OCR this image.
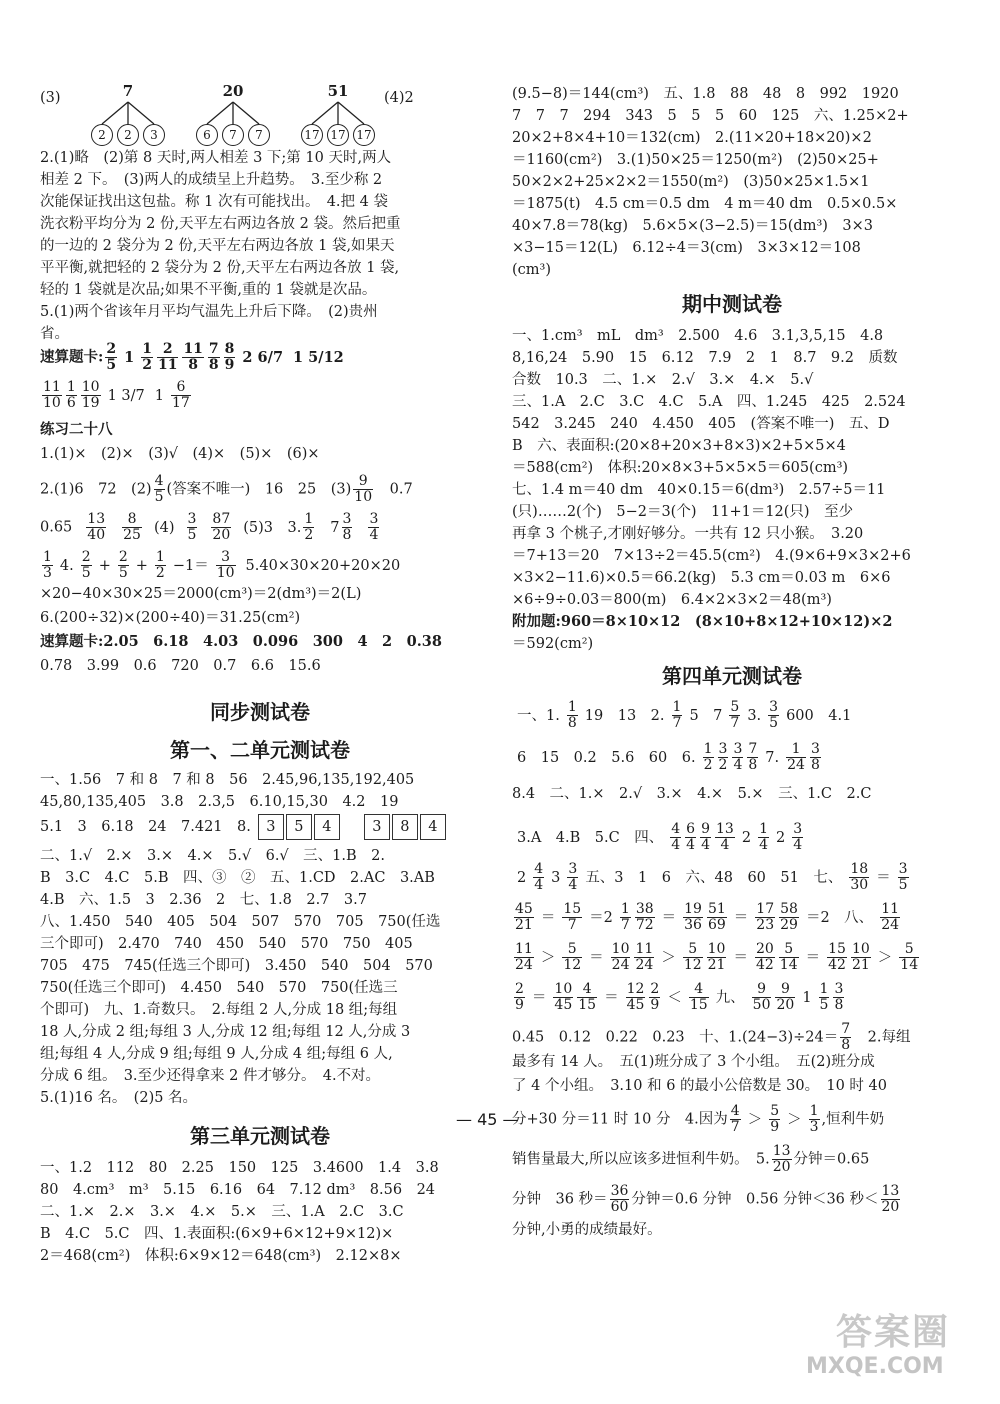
(3)	(4)2
7
2	2	3
20
6	7	7
51
17 17 17
2.(1)略　(2)第 8 天时,两人相差 3 下;第 10 天时,两人
相差 2 下。　(3)两人的成绩呈上升趋势。　3.至少称 2
次能保证找出这包盐。称 1 次有可能找出。　4.把 4 袋
洗衣粉平均分为 2 份,天平左右两边各放 2 袋。然后把重
的一边的 2 袋分为 2 份,天平左右两边各放 1 袋,如果天
平平衡,就把轻的 2 袋分为 2 份,天平左右两边各放 1 袋,
轻的 1 袋就是次品;如果不平衡,重的 1 袋就是次品。
5.(1)两个省该年月平均气温先上升后下降。　(2)贵州
省。
速算题卡: $\frac{2}{5} 1 \frac{1}{2} \frac{2}{11} \frac{11}{8} \frac{7}{8} \frac{8}{9} 2$ 6/7 1 5/12
$\frac{11}{10} \frac{1}{6} \frac{10}{19} 1$ 3/7 $1 \frac{6}{17}$
练习二十八
1.(1)×　(2)×　(3)√　(4)×　(5)×　(6)×
2.(1)6　72　$(2) \frac{4}{5}$ (答案不唯一)　16　25　$(3) \frac{9}{10}$ 　0.7
$0.65 \frac{13}{40} \frac{8}{25} (4) \frac{3}{5} \frac{87}{20} (5)3$　3. $\frac{1}{2} 7 \frac{3}{8} \frac{3}{4}$
$\frac{1}{3} 4$. $\frac{2}{5} + \frac{2}{5} + \frac{1}{2} -1= \frac{3}{10} 5.40\times 30\times 20+20\times 20$
×20−40×30×25＝2000(cm³)＝2(dm³)＝2(L)
6.(200÷32)×(200÷40)＝31.25(cm²)
速算题卡:2.05　6.18　4.03　0.096　300　4　2　0.38
0.78　3.99　0.6　720　0.7　6.6　15.6
同步测试卷
第一、二单元测试卷
一、1.56　7 和 8　7 和 8　56　2.45,96,135,192,405
45,80,135,405　3.8　2.3,5　6.10,15,30　4.2　19
5.1　3　6.18　24　7.421　8. 3 5 4	3 8 4
二、1.√　2.×　3.×　4.×　5.√　6.√　三、1.B　2.
B　3.C　4.C　5.B　四、③　②　五、1.CD　2.AC　3.AB
4.B　六、1.5　3　2.36　2　七、1.8　2.7　3.7
八、1.450　540　405　504　507　570　705　750(任选
三个即可)　2.470　740　450　540　570　750　405
705　475　745(任选三个即可)　3.450　540　504　570
750(任选三个即可)　4.450　540　570　750(任选三
个即可)　九、1.奇数只。　2.每组 2 人,分成 18 组;每组
18 人,分成 2 组;每组 3 人,分成 12 组;每组 12 人,分成 3
组;每组 4 人,分成 9 组;每组 9 人,分成 4 组;每组 6 人,
分成 6 组。　3.至少还得拿来 2 件才够分。　4.不对。
5.(1)16 名。　(2)5 名。
第三单元测试卷
一、1.2　112　80　2.25　150　125　3.4600　1.4　3.8
80　4.cm³　m³　5.15　6.16　64　7.12 dm³　8.56　24
二、1.×　2.×　3.×　4.×　5.×　三、1.A　2.C　3.C
B　4.C　5.C　四、1.表面积:(6×9+6×12+9×12)×
2＝468(cm²)　体积:6×9×12＝648(cm³)　2.12×8×
(9.5−8)＝144(cm³)　五、1.8　88　48　8　992　1920
7　7　7　294　343　5　5　5　60　125　六、1.25×2+
20×2+8×4+10＝132(cm)　2.(11×20+18×20)×2
＝1160(cm²)　3.(1)50×25＝1250(m²)　(2)50×25+
50×2×2+25×2×2＝1550(m²)　(3)50×25×1.5×1
＝1875(t)　4.5 cm＝0.5 dm　4 m＝40 dm　0.5×0.5×
40×7.8＝78(kg)　5.6×5×(3−2.5)＝15(dm³)　3×3
×3−15＝12(L)　6.12÷4＝3(cm)　3×3×12＝108
(cm³)
期中测试卷
一、1.cm³　mL　dm³　2.500　4.6　3.1,3,5,15　4.8
8,16,24　5.90　15　6.12　7.9　2　1　8.7　9.2　质数
合数　10.3　二、1.×　2.√　3.×　4.×　5.√
三、1.A　2.C　3.C　4.C　5.A　四、1.245　425　2.524
542　3.245　240　4.450　405　(答案不唯一)　五、D
B　六、表面积:(20×8+20×3+8×3)×2+5×5×4
＝588(cm²)　体积:20×8×3+5×5×5＝605(cm³)
七、1.4 m＝40 dm　40×0.15＝6(dm³)　2.57÷5＝11
(只)……2(个)　5−2＝3(个)　11+1＝12(只)　至少
再拿 3 个桃子,才刚好够分。一共有 12 只小猴。　3.20
＝7+13＝20　7×13÷2＝45.5(cm²)　4.(9×6+9×3×2+6
×3×2−11.6)×0.5＝66.2(kg)　5.3 cm＝0.03 m　6×6
×6÷9÷0.03＝800(m)　6.4×2×3×2＝48(m³)
附加题:960＝8×10×12　(8×10+8×12+10×12)×2
＝592(cm²)
第四单元测试卷
一、1. $\frac{1}{8} 19$　13　2. $\frac{1}{7} 5$　$7 \frac{5}{7} 3$. $\frac{3}{5} 600$　4.1
6　15　0.2　5.6　60　6. $\frac{1}{2} \frac{3}{2} \frac{3}{4} \frac{7}{8} 7$. $\frac{1}{24} \frac{3}{8}$
8.4　二、1.×　2.√　3.×　4.×　5.×　三、1.C　2.C
3.A　4.B　5.C　四、 $\frac{4}{4} \frac{6}{4} \frac{9}{4} \frac{13}{4} 2 \frac{1}{4} 2 \frac{3}{4}$
$2 \frac{4}{4} 3 \frac{3}{4}$ 五、3　1　6　六、48　60　51　七、 $\frac{18}{30} = \frac{3}{5}$
$\frac{45}{21} = \frac{15}{7} =2 \frac{1}{7} \frac{38}{72} = \frac{19}{36} \frac{51}{69} = \frac{17}{23} \frac{58}{29} =2$　八、 $\frac{11}{24}$
$\frac{11}{24} > \frac{5}{12} = \frac{10}{24} \frac{11}{24} > \frac{5}{12} \frac{10}{21} = \frac{20}{42} \frac{5}{14} = \frac{15}{42} \frac{10}{21} > \frac{5}{14}$
$\frac{2}{9} = \frac{10}{45} \frac{4}{15} = \frac{12}{45} \frac{2}{9} < \frac{4}{15}$ 九、 $\frac{9}{50} \frac{9}{20} 1 \frac{1}{5} \frac{3}{8}$
0.45　0.12　0.22　0.23　十、$1.(24-3)\div 24= \frac{7}{8}$ 　2.每组
最多有 14 人。　五(1)班分成了 3 个小组。　五(2)班分成
了 4 个小组。　3.10 和 6 的最小公倍数是 30。　10 时 40
分+30 分＝11 时 10 分　4.因为 $\frac{4}{7} > \frac{5}{9} > \frac{1}{3}$ ,恒利牛奶
销售量最大,所以应该多进恒利牛奶。　5. $\frac{13}{20}$ 分钟＝0.65
分钟　36 秒＝ $\frac{36}{60}$ 分钟＝0.6 分钟　0.56 分钟＜36 秒＜ $\frac{13}{20}$
分钟,小勇的成绩最好。
— 45 —
答案圈
MXQE.COM
